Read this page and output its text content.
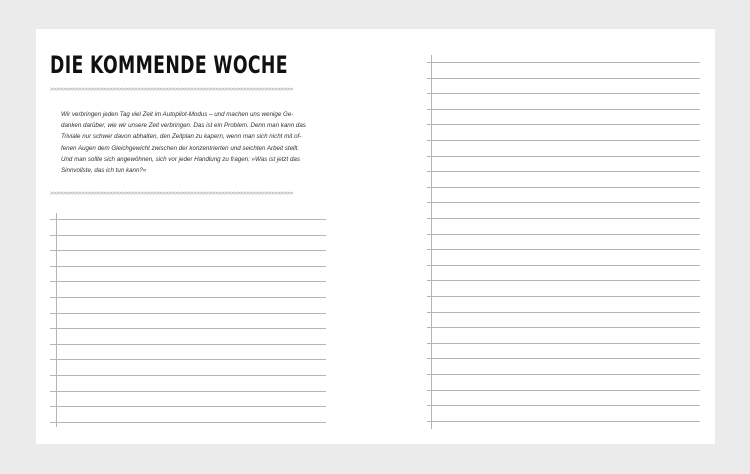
DIE KOMMENDE WOCHE
>>>>>>>>>>>>>>>>>>>>>>>>>>>>>>>>>>>>>>>>>>>>>>>>>>>>>>>>>>>>>>>>>>>>>>>>>>>>>>

Wir verbringen jeden Tag viel Zeit im Autopilot-Modus – und machen uns wenige Ge-
danken darüber, wie wir unsere Zeit verbringen. Das ist ein Problem. Denn man kann das
Triviale nur schwer davon abhalten, den Zeitplan zu kapern, wenn man sich nicht mit of-
fenen Augen dem Gleichgewicht zwischen der konzentrierten und seichten Arbeit stellt.
Und man sollte sich angewöhnen, sich vor jeder Handlung zu fragen: »Was ist jetzt das
Sinnvollste, das ich tun kann?«

>>>>>>>>>>>>>>>>>>>>>>>>>>>>>>>>>>>>>>>>>>>>>>>>>>>>>>>>>>>>>>>>>>>>>>>>>>>>>>
